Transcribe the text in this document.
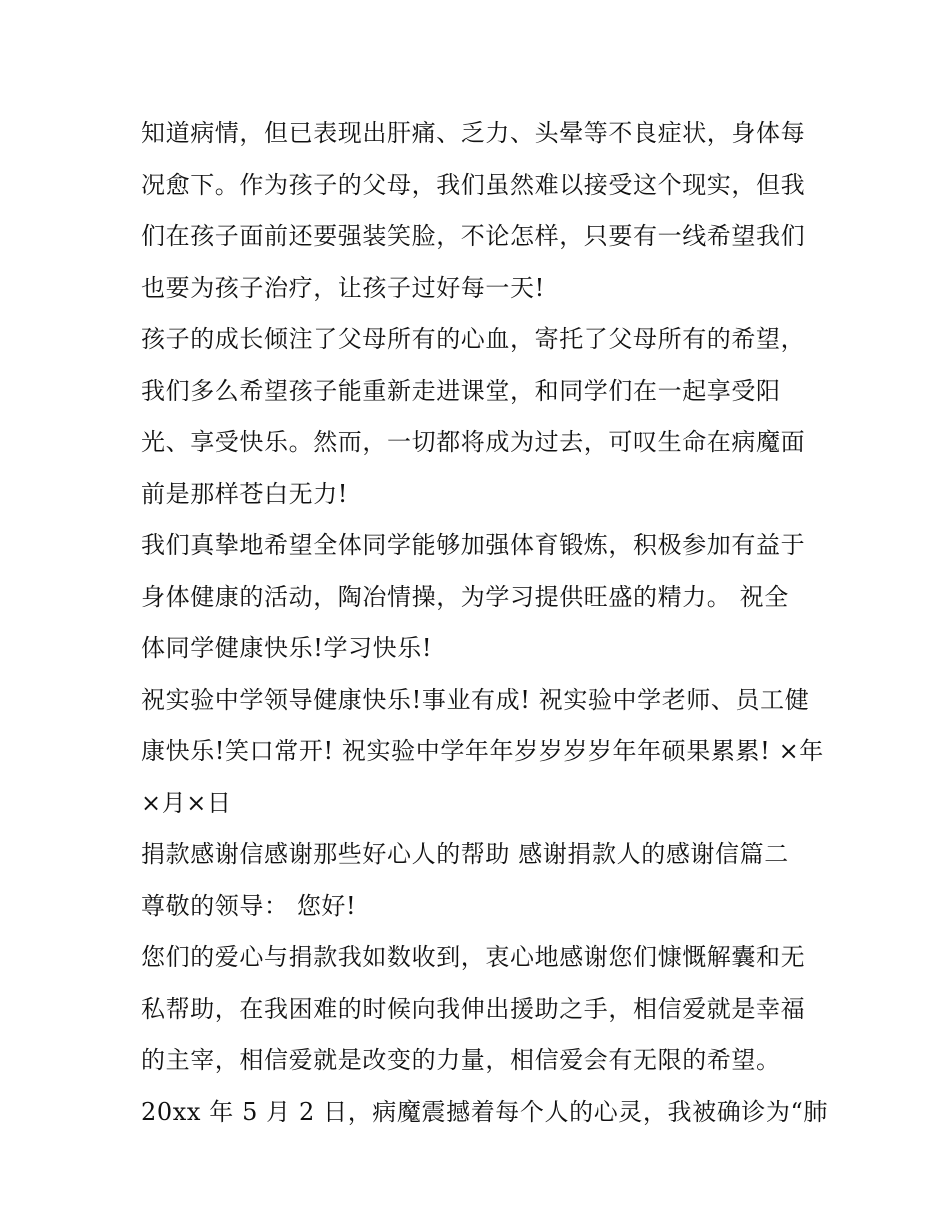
知道病情，但已表现出肝痛、乏力、头晕等不良症状，身体每
况愈下。作为孩子的父母，我们虽然难以接受这个现实，但我
们在孩子面前还要强装笑脸，不论怎样，只要有一线希望我们
也要为孩子治疗，让孩子过好每一天!
孩子的成长倾注了父母所有的心血，寄托了父母所有的希望，
我们多么希望孩子能重新走进课堂，和同学们在一起享受阳
光、享受快乐。然而，一切都将成为过去，可叹生命在病魔面
前是那样苍白无力!
我们真挚地希望全体同学能够加强体育锻炼，积极参加有益于
身体健康的活动，陶冶情操，为学习提供旺盛的精力。 祝全
体同学健康快乐!学习快乐!
祝实验中学领导健康快乐!事业有成! 祝实验中学老师、员工健
康快乐!笑口常开! 祝实验中学年年岁岁岁岁年年硕果累累! ×年
×月×日
捐款感谢信感谢那些好心人的帮助 感谢捐款人的感谢信篇二
尊敬的领导： 您好!
您们的爱心与捐款我如数收到，衷心地感谢您们慷慨解囊和无
私帮助，在我困难的时候向我伸出援助之手，相信爱就是幸福
的主宰，相信爱就是改变的力量，相信爱会有无限的希望。
20xx 年 5 月 2 日，病魔震撼着每个人的心灵，我被确诊为“肺
